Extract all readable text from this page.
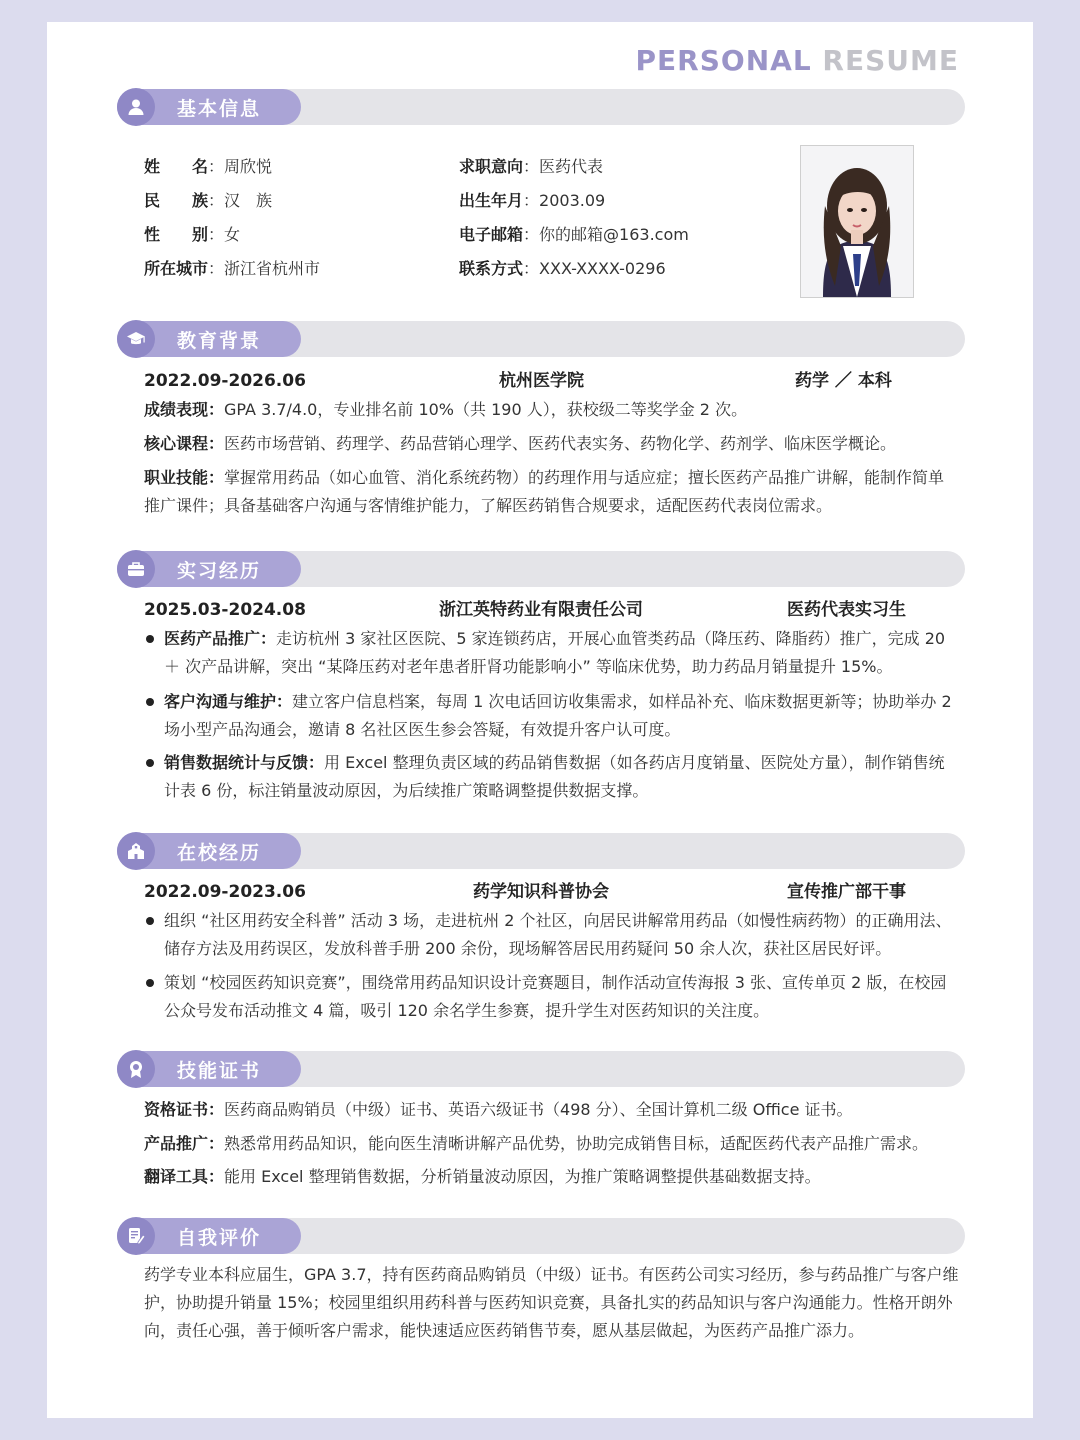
PERSONAL RESUME
基本信息
姓　　名：周欣悦
民　　族：汉　族
性　　别：女
所在城市：浙江省杭州市
求职意向：医药代表
出生年月：2003.09
电子邮箱：你的邮箱@163.com
联系方式：XXX-XXXX-0296
教育背景
2022.09-2026.06	杭州医学院	药学 ／ 本科
成绩表现：GPA 3.7/4.0，专业排名前 10%（共 190 人），获校级二等奖学金 2 次。
核心课程：医药市场营销、药理学、药品营销心理学、医药代表实务、药物化学、药剂学、临床医学概论。
职业技能：掌握常用药品（如心血管、消化系统药物）的药理作用与适应症；擅长医药产品推广讲解，能制作简单推广课件；具备基础客户沟通与客情维护能力，了解医药销售合规要求，适配医药代表岗位需求。
实习经历
2025.03-2024.08	浙江英特药业有限责任公司	医药代表实习生
医药产品推广：走访杭州 3 家社区医院、5 家连锁药店，开展心血管类药品（降压药、降脂药）推广，完成 20 ＋ 次产品讲解，突出 “某降压药对老年患者肝肾功能影响小” 等临床优势，助力药品月销量提升 15%。
客户沟通与维护：建立客户信息档案，每周 1 次电话回访收集需求，如样品补充、临床数据更新等；协助举办 2 场小型产品沟通会，邀请 8 名社区医生参会答疑，有效提升客户认可度。
销售数据统计与反馈：用 Excel 整理负责区域的药品销售数据（如各药店月度销量、医院处方量），制作销售统计表 6 份，标注销量波动原因，为后续推广策略调整提供数据支撑。
在校经历
2022.09-2023.06	药学知识科普协会	宣传推广部干事
组织 “社区用药安全科普” 活动 3 场，走进杭州 2 个社区，向居民讲解常用药品（如慢性病药物）的正确用法、储存方法及用药误区，发放科普手册 200 余份，现场解答居民用药疑问 50 余人次，获社区居民好评。
策划 “校园医药知识竞赛”，围绕常用药品知识设计竞赛题目，制作活动宣传海报 3 张、宣传单页 2 版，在校园公众号发布活动推文 4 篇，吸引 120 余名学生参赛，提升学生对医药知识的关注度。
技能证书
资格证书：医药商品购销员（中级）证书、英语六级证书（498 分）、全国计算机二级 Office 证书。
产品推广：熟悉常用药品知识，能向医生清晰讲解产品优势，协助完成销售目标，适配医药代表产品推广需求。
翻译工具：能用 Excel 整理销售数据，分析销量波动原因，为推广策略调整提供基础数据支持。
自我评价
药学专业本科应届生，GPA 3.7，持有医药商品购销员（中级）证书。有医药公司实习经历，参与药品推广与客户维护，协助提升销量 15%；校园里组织用药科普与医药知识竞赛，具备扎实的药品知识与客户沟通能力。性格开朗外向，责任心强，善于倾听客户需求，能快速适应医药销售节奏，愿从基层做起，为医药产品推广添力。
